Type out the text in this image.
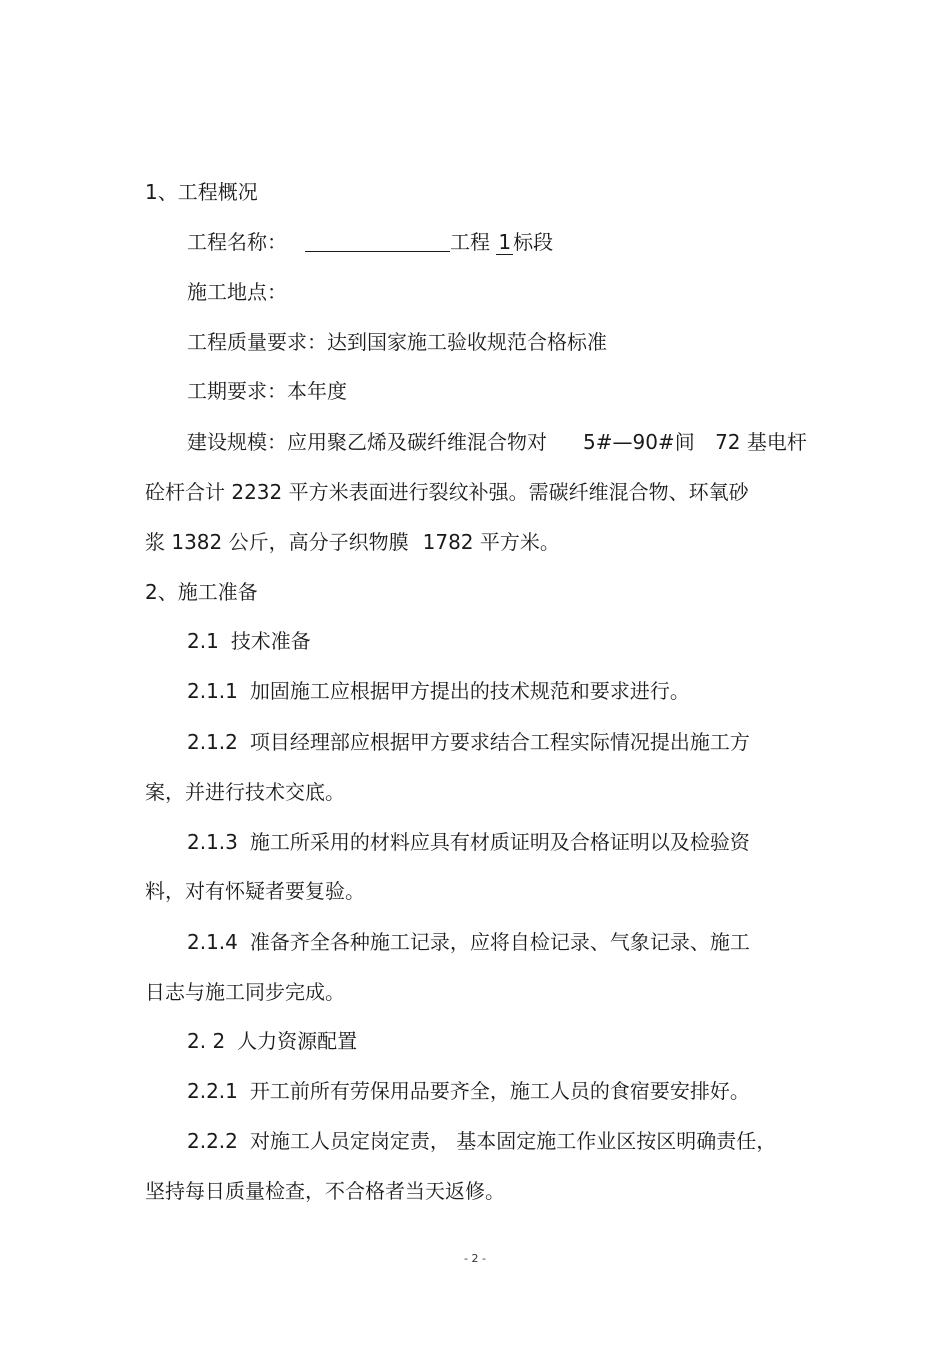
1、工程概况
工程名称：	工程 1 标段
施工地点：
工程质量要求：达到国家施工验收规范合格标准
工期要求：本年度
建设规模：应用聚乙烯及碳纤维混合物对 5#—90#间 72 基电杆
砼杆合计 2232 平方米表面进行裂纹补强。需碳纤维混合物、环氧砂
浆 1382 公斤，高分子织物膜 1782 平方米。
2、施工准备
2.1 技术准备
2.1.1 加固施工应根据甲方提出的技术规范和要求进行。
2.1.2 项目经理部应根据甲方要求结合工程实际情况提出施工方
案，并进行技术交底。
2.1.3 施工所采用的材料应具有材质证明及合格证明以及检验资
料，对有怀疑者要复验。
2.1.4 准备齐全各种施工记录，应将自检记录、气象记录、施工
日志与施工同步完成。
2. 2 人力资源配置
2.2.1 开工前所有劳保用品要齐全，施工人员的食宿要安排好。
2.2.2 对施工人员定岗定责， 基本固定施工作业区按区明确责任，
坚持每日质量检查，不合格者当天返修。
- 2 -
